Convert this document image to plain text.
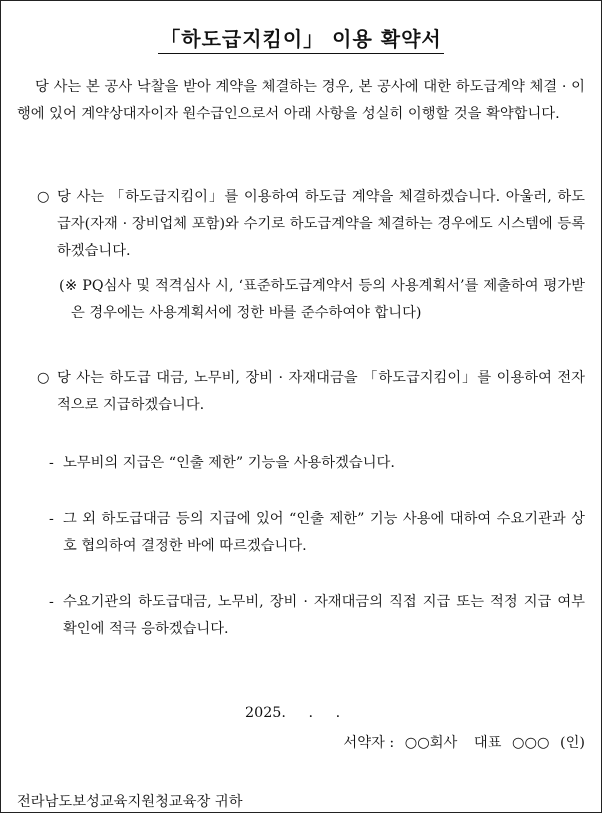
「하도급지킴이」 이용 확약서

당 사는 본 공사 낙찰을 받아 계약을 체결하는 경우, 본 공사에 대한 하도급계약 체결 · 이행에 있어 계약상대자이자 원수급인으로서 아래 사항을 성실히 이행할 것을 확약합니다.

○ 당 사는 「하도급지킴이」를 이용하여 하도급 계약을 체결하겠습니다. 아울러, 하도급자(자재 · 장비업체 포함)와 수기로 하도급계약을 체결하는 경우에도 시스템에 등록하겠습니다.

(※ PQ심사 및 적격심사 시, ‘표준하도급계약서 등의 사용계획서’를 제출하여 평가받은 경우에는 사용계획서에 정한 바를 준수하여야 합니다)

○ 당 사는 하도급 대금, 노무비, 장비 · 자재대금을 「하도급지킴이」를 이용하여 전자적으로 지급하겠습니다.

- 노무비의 지급은 “인출 제한” 기능을 사용하겠습니다.

- 그 외 하도급대금 등의 지급에 있어 “인출 제한” 기능 사용에 대하여 수요기관과 상호 협의하여 결정한 바에 따르겠습니다.

- 수요기관의 하도급대금, 노무비, 장비 · 자재대금의 직접 지급 또는 적정 지급 여부 확인에 적극 응하겠습니다.

2025. . .
서약자 : ○○회사 대표 ○○○ (인)
전라남도보성교육지원청교육장 귀하
